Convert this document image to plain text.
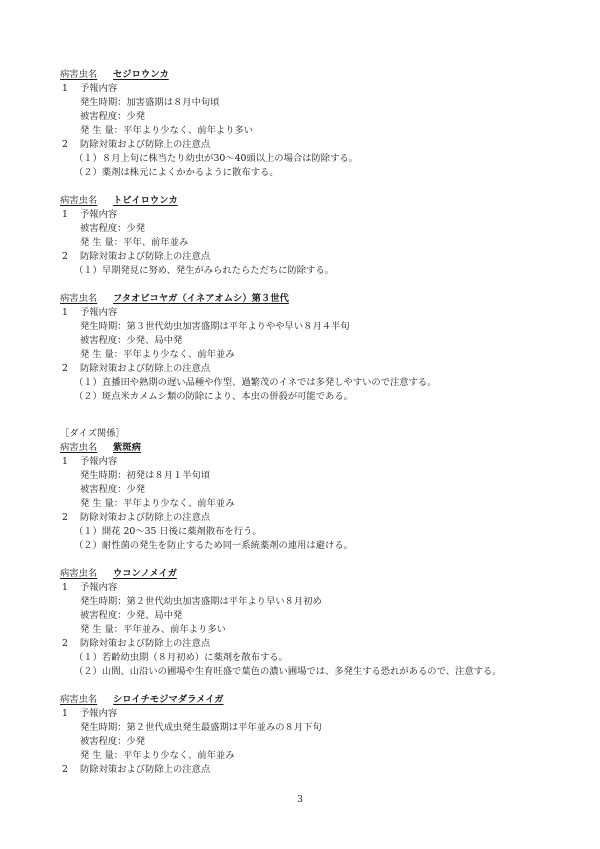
病害虫名 セジロウンカ
1 予報内容
発生時期：加害盛期は８月中旬頃
被害程度：少発
発 生 量：平年より少なく、前年より多い
2 防除対策および防除上の注意点
（１）８月上旬に株当たり幼虫が30～40頭以上の場合は防除する。
（２）薬剤は株元によくかかるように散布する。
病害虫名 トビイロウンカ
1 予報内容
被害程度：少発
発 生 量：平年、前年並み
2 防除対策および防除上の注意点
（１）早期発見に努め、発生がみられたらただちに防除する。
病害虫名 フタオビコヤガ（イネアオムシ）第３世代
1 予報内容
発生時期：第３世代幼虫加害盛期は平年よりやや早い８月４半旬
被害程度：少発、局中発
発 生 量：平年より少なく、前年並み
2 防除対策および防除上の注意点
（１）直播田や熟期の遅い品種や作型、過繁茂のイネでは多発しやすいので注意する。
（２）斑点米カメムシ類の防除により、本虫の併殺が可能である。
［ダイズ関係］
病害虫名 紫斑病
1 予報内容
発生時期：初発は８月１半旬頃
被害程度：少発
発 生 量：平年より少なく、前年並み
2 防除対策および防除上の注意点
（１）開花 20～35 日後に薬剤散布を行う。
（２）耐性菌の発生を防止するため同一系統薬剤の連用は避ける。
病害虫名 ウコンノメイガ
1 予報内容
発生時期：第２世代幼虫加害盛期は平年より早い８月初め
被害程度：少発、局中発
発 生 量：平年並み、前年より多い
2 防除対策および防除上の注意点
（１）若齢幼虫期（８月初め）に薬剤を散布する。
（２）山間、山沿いの圃場や生育旺盛で葉色の濃い圃場では、多発生する恐れがあるので、注意する。
病害虫名 シロイチモジマダラメイガ
1 予報内容
発生時期：第２世代成虫発生最盛期は平年並みの８月下旬
被害程度：少発
発 生 量：平年より少なく、前年並み
2 防除対策および防除上の注意点
3
